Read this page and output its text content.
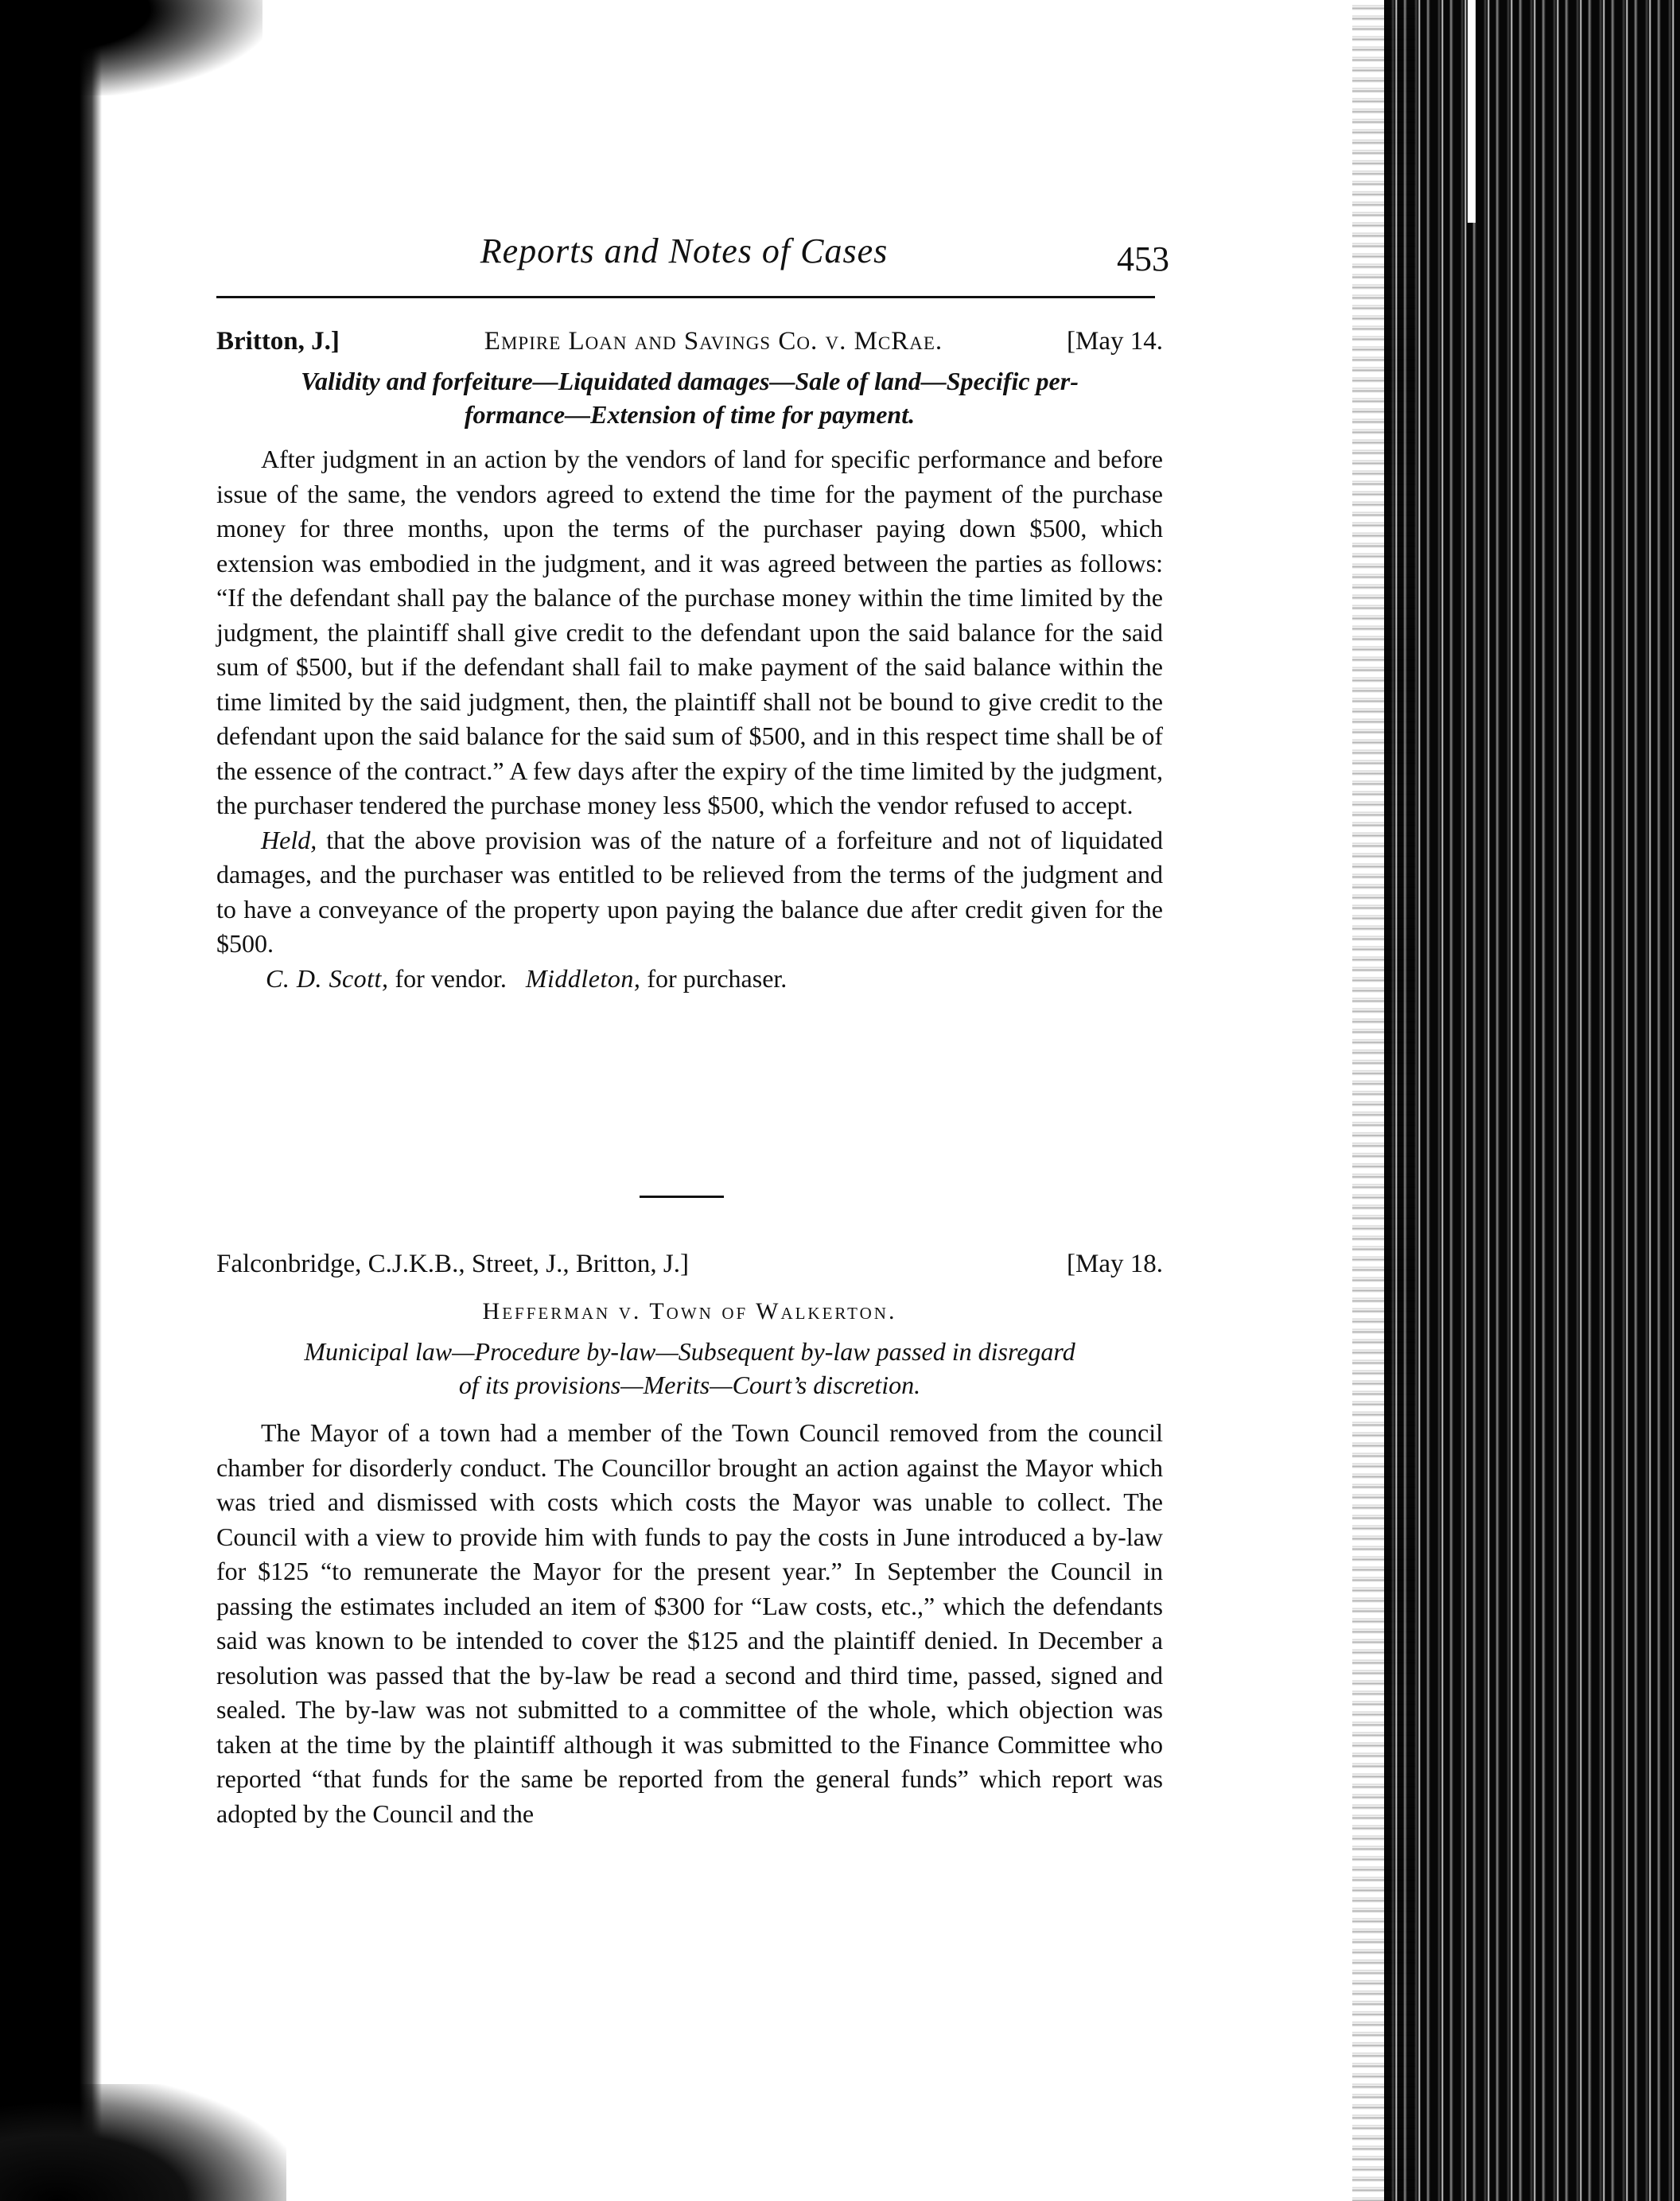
Reports and Notes of Cases	453
Britton, J.]	Empire Loan and Savings Co. v. McRae.	[May 14.

Validity and forfeiture—Liquidated damages—Sale of land—Specific per-
formance—Extension of time for payment.

After judgment in an action by the vendors of land for specific performance and before issue of the same, the vendors agreed to extend the time for the payment of the purchase money for three months, upon the terms of the purchaser paying down $500, which extension was embodied in the judgment, and it was agreed between the parties as follows: “If the defendant shall pay the balance of the purchase money within the time limited by the judgment, the plaintiff shall give credit to the defendant upon the said balance for the said sum of $500, but if the defendant shall fail to make payment of the said balance within the time limited by the said judgment, then, the plaintiff shall not be bound to give credit to the defendant upon the said balance for the said sum of $500, and in this respect time shall be of the essence of the contract.” A few days after the expiry of the time limited by the judgment, the purchaser tendered the purchase money less $500, which the vendor refused to accept.

Held, that the above provision was of the nature of a forfeiture and not of liquidated damages, and the purchaser was entitled to be relieved from the terms of the judgment and to have a conveyance of the property upon paying the balance due after credit given for the $500.

C. D. Scott, for vendor. Middleton, for purchaser.

Falconbridge, C.J.K.B., Street, J., Britton, J.]	[May 18.

Hefferman v. Town of Walkerton.

Municipal law—Procedure by-law—Subsequent by-law passed in disregard
of its provisions—Merits—Court’s discretion.

The Mayor of a town had a member of the Town Council removed from the council chamber for disorderly conduct. The Councillor brought an action against the Mayor which was tried and dismissed with costs which costs the Mayor was unable to collect. The Council with a view to provide him with funds to pay the costs in June introduced a by-law for $125 “to remunerate the Mayor for the present year.” In September the Council in passing the estimates included an item of $300 for “Law costs, etc.,” which the defendants said was known to be intended to cover the $125 and the plaintiff denied. In December a resolution was passed that the by-law be read a second and third time, passed, signed and sealed. The by-law was not submitted to a committee of the whole, which objection was taken at the time by the plaintiff although it was submitted to the Finance Committee who reported “that funds for the same be reported from the general funds” which report was adopted by the Council and the
